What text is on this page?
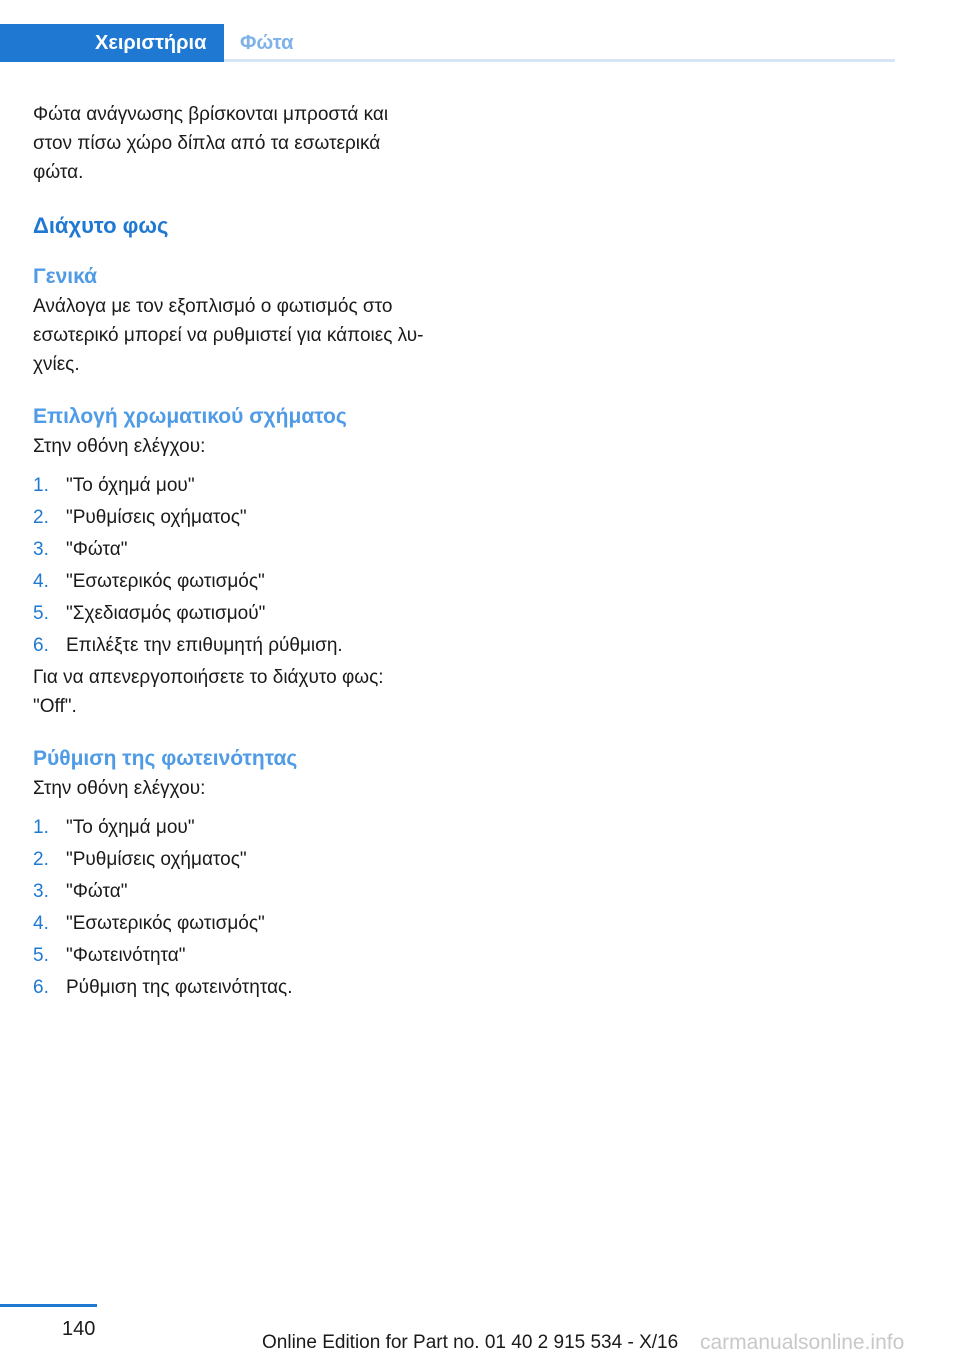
Χειριστήρια	Φώτα

Φώτα ανάγνωσης βρίσκονται μπροστά και
στον πίσω χώρο δίπλα από τα εσωτερικά
φώτα.

Διάχυτο φως
Γενικά

Ανάλογα με τον εξοπλισμό ο φωτισμός στο
εσωτερικό μπορεί να ρυθμιστεί για κάποιες λυ-
χνίες.

Επιλογή χρωματικού σχήματος

Στην οθόνη ελέγχου:

1. "Το όχημά μου"
2. "Ρυθμίσεις οχήματος"
3. "Φώτα"
4. "Εσωτερικός φωτισμός"
5. "Σχεδιασμός φωτισμού"
6. Επιλέξτε την επιθυμητή ρύθμιση.

Για να απενεργοποιήσετε το διάχυτο φως:
"Off".

Ρύθμιση της φωτεινότητας

Στην οθόνη ελέγχου:

1. "Το όχημά μου"
2. "Ρυθμίσεις οχήματος"
3. "Φώτα"
4. "Εσωτερικός φωτισμός"
5. "Φωτεινότητα"
6. Ρύθμιση της φωτεινότητας.
140
Online Edition for Part no. 01 40 2 915 534 - X/16 carmanualsonline.info
